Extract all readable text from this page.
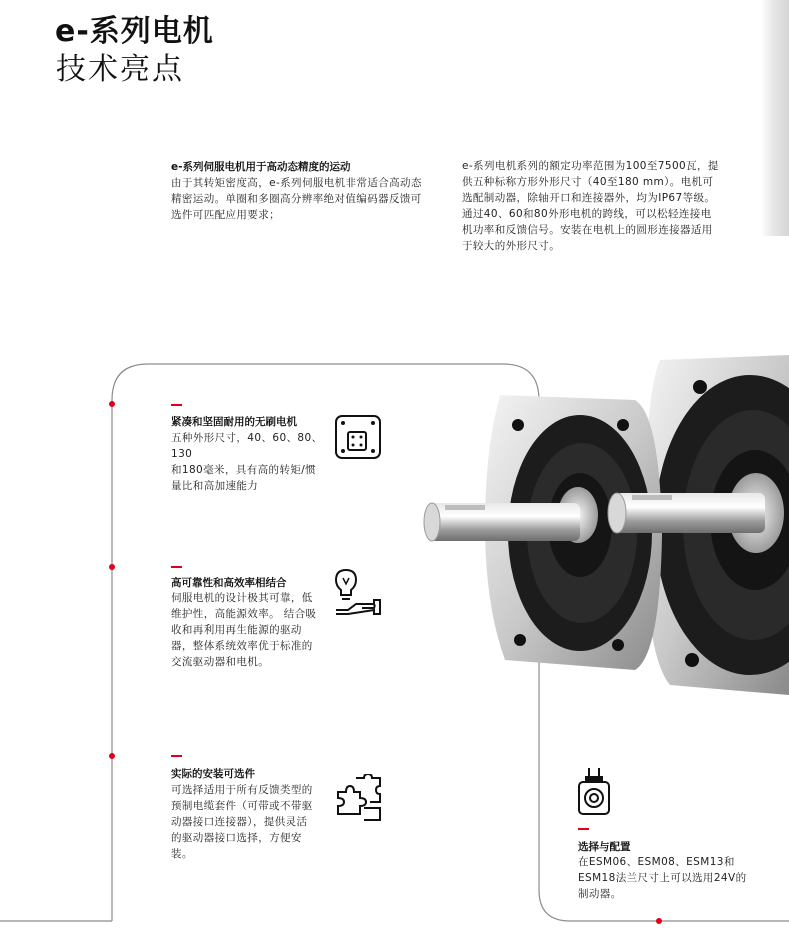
e-系列电机
技术亮点
e-系列伺服电机用于高动态精度的运动
由于其转矩密度高，e-系列伺服电机非常适合高动态
精密运动。单圈和多圈高分辨率绝对值编码器反馈可
选件可匹配应用要求；
e-系列电机系列的额定功率范围为100至7500瓦，提
供五种标称方形外形尺寸（40至180 mm）。电机可
选配制动器，除轴开口和连接器外，均为IP67等级。
通过40、60和80外形电机的跨线，可以松轻连接电
机功率和反馈信号。安装在电机上的圆形连接器适用
于较大的外形尺寸。
紧凑和坚固耐用的无刷电机
五种外形尺寸，40、60、80、130
和180毫米，具有高的转矩/惯
量比和高加速能力
高可靠性和高效率相结合
伺服电机的设计极其可靠，低
维护性，高能源效率。 结合吸
收和再利用再生能源的驱动
器，整体系统效率优于标准的
交流驱动器和电机。
实际的安装可选件
可选择适用于所有反馈类型的
预制电缆套件（可带或不带驱
动器接口连接器），提供灵活
的驱动器接口选择，方便安
装。
选择与配置
在ESM06、ESM08、ESM13和
ESM18法兰尺寸上可以选用24V的
制动器。
